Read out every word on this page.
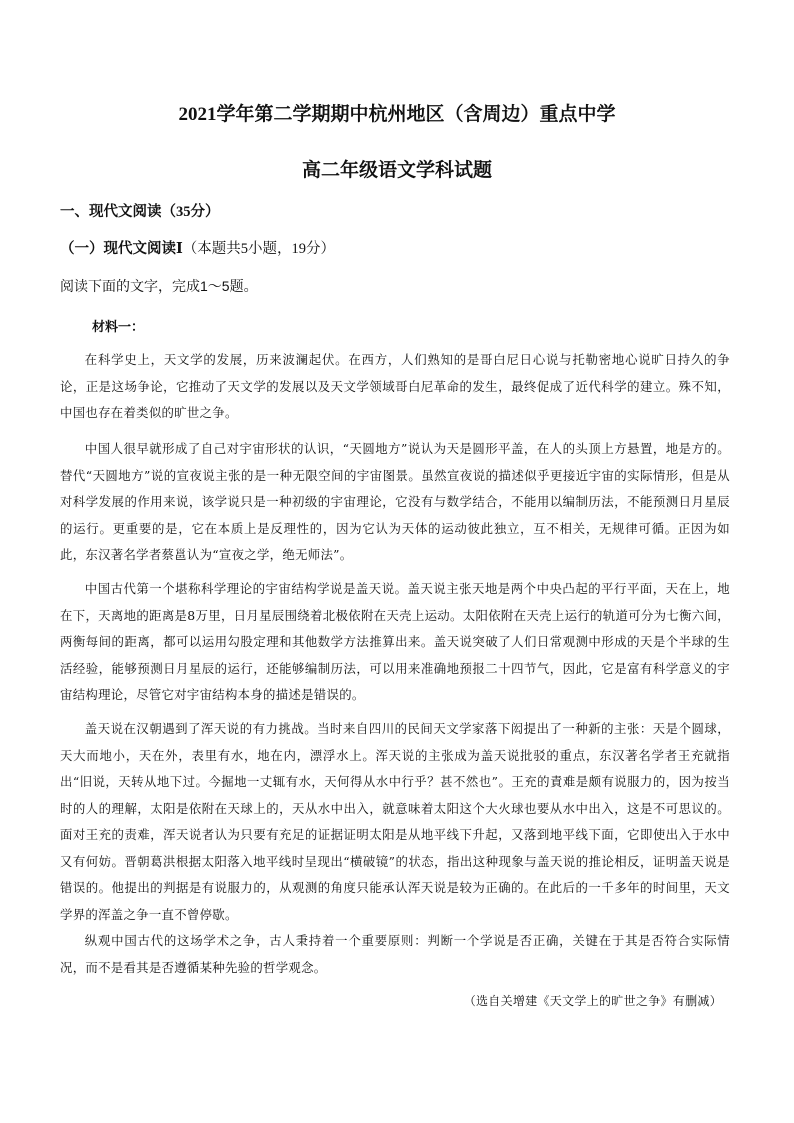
2021学年第二学期期中杭州地区（含周边）重点中学
高二年级语文学科试题

一、现代文阅读（35分）

（一）现代文阅读Ⅰ（本题共5小题，19分）

阅读下面的文字，完成1～5题。

材料一：

在科学史上，天文学的发展，历来波澜起伏。在西方，人们熟知的是哥白尼日心说与托勒密地心说旷日持久的争论，正是这场争论，它推动了天文学的发展以及天文学领域哥白尼革命的发生，最终促成了近代科学的建立。殊不知，中国也存在着类似的旷世之争。

中国人很早就形成了自己对宇宙形状的认识，“天圆地方”说认为天是圆形平盖，在人的头顶上方悬置，地是方的。替代“天圆地方”说的宣夜说主张的是一种无限空间的宇宙图景。虽然宣夜说的描述似乎更接近宇宙的实际情形，但是从对科学发展的作用来说，该学说只是一种初级的宇宙理论，它没有与数学结合，不能用以编制历法，不能预测日月星辰的运行。更重要的是，它在本质上是反理性的，因为它认为天体的运动彼此独立，互不相关，无规律可循。正因为如此，东汉著名学者蔡邕认为“宣夜之学，绝无师法”。

中国古代第一个堪称科学理论的宇宙结构学说是盖天说。盖天说主张天地是两个中央凸起的平行平面，天在上，地在下，天离地的距离是8万里，日月星辰围绕着北极依附在天壳上运动。太阳依附在天壳上运行的轨道可分为七衡六间，两衡每间的距离，都可以运用勾股定理和其他数学方法推算出来。盖天说突破了人们日常观测中形成的天是个半球的生活经验，能够预测日月星辰的运行，还能够编制历法，可以用来准确地预报二十四节气，因此，它是富有科学意义的宇宙结构理论，尽管它对宇宙结构本身的描述是错误的。

盖天说在汉朝遇到了浑天说的有力挑战。当时来自四川的民间天文学家落下闳提出了一种新的主张：天是个圆球，天大而地小，天在外，表里有水，地在内，漂浮水上。浑天说的主张成为盖天说批驳的重点，东汉著名学者王充就指出“旧说，天转从地下过。今掘地一丈辄有水，天何得从水中行乎？甚不然也”。王充的責难是颇有说服力的，因为按当时的人的理解，太阳是依附在天球上的，天从水中出入，就意味着太阳这个大火球也要从水中出入，这是不可思议的。面对王充的责难，浑天说者认为只要有充足的证据证明太阳是从地平线下升起，又落到地平线下面，它即使出入于水中又有何妨。晋朝葛洪根据太阳落入地平线时呈现出“横破镜”的状态，指出这种现象与盖天说的推论相反，证明盖天说是错误的。他提出的判据是有说服力的，从观测的角度只能承认浑天说是较为正确的。在此后的一千多年的时间里，天文学界的浑盖之争一直不曾停歇。

纵观中国古代的这场学术之争，古人秉持着一个重要原则：判断一个学说是否正确，关键在于其是否符合实际情况，而不是看其是否遵循某种先验的哲学观念。

（选自关增建《天文学上的旷世之争》有删减）
